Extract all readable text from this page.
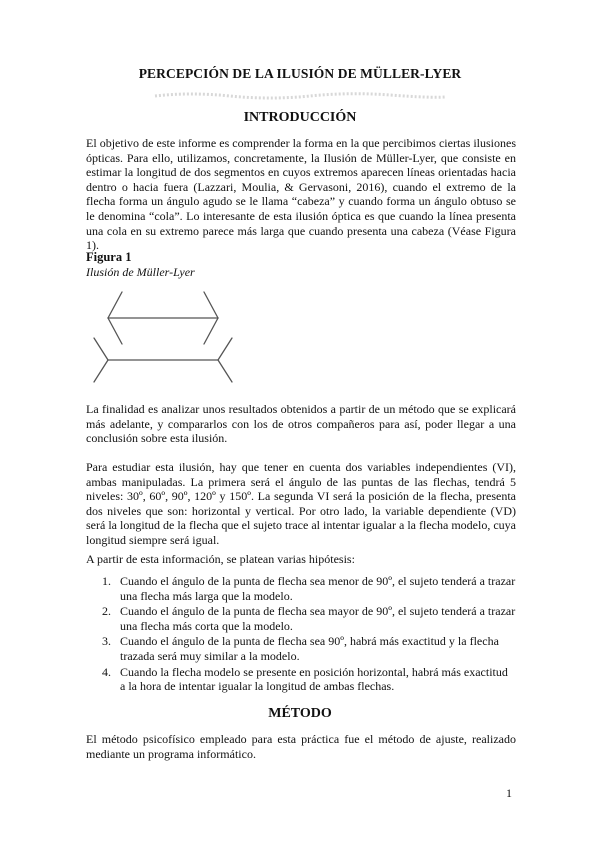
PERCEPCIÓN DE LA ILUSIÓN DE MÜLLER-LYER
INTRODUCCIÓN

El objetivo de este informe es comprender la forma en la que percibimos ciertas ilusiones ópticas. Para ello, utilizamos, concretamente, la Ilusión de Müller-Lyer, que consiste en estimar la longitud de dos segmentos en cuyos extremos aparecen líneas orientadas hacia dentro o hacia fuera (Lazzari, Moulia, & Gervasoni, 2016), cuando el extremo de la flecha forma un ángulo agudo se le llama “cabeza” y cuando forma un ángulo obtuso se le denomina “cola”. Lo interesante de esta ilusión óptica es que cuando la línea presenta una cola en su extremo parece más larga que cuando presenta una cabeza (Véase Figura 1).

Figura 1
Ilusión de Müller-Lyer

La finalidad es analizar unos resultados obtenidos a partir de un método que se explicará más adelante, y compararlos con los de otros compañeros para así, poder llegar a una conclusión sobre esta ilusión.

Para estudiar esta ilusión, hay que tener en cuenta dos variables independientes (VI), ambas manipuladas. La primera será el ángulo de las puntas de las flechas, tendrá 5 niveles: 30º, 60º, 90º, 120º y 150º. La segunda VI será la posición de la flecha, presenta dos niveles que son: horizontal y vertical. Por otro lado, la variable dependiente (VD) será la longitud de la flecha que el sujeto trace al intentar igualar a la flecha modelo, cuya longitud siempre será igual.

A partir de esta información, se platean varias hipótesis:

1. Cuando el ángulo de la punta de flecha sea menor de 90º, el sujeto tenderá a trazar una flecha más larga que la modelo.
2. Cuando el ángulo de la punta de flecha sea mayor de 90º, el sujeto tenderá a trazar una flecha más corta que la modelo.
3. Cuando el ángulo de la punta de flecha sea 90º, habrá más exactitud y la flecha trazada será muy similar a la modelo.
4. Cuando la flecha modelo se presente en posición horizontal, habrá más exactitud a la hora de intentar igualar la longitud de ambas flechas.
MÉTODO

El método psicofísico empleado para esta práctica fue el método de ajuste, realizado mediante un programa informático.

1
